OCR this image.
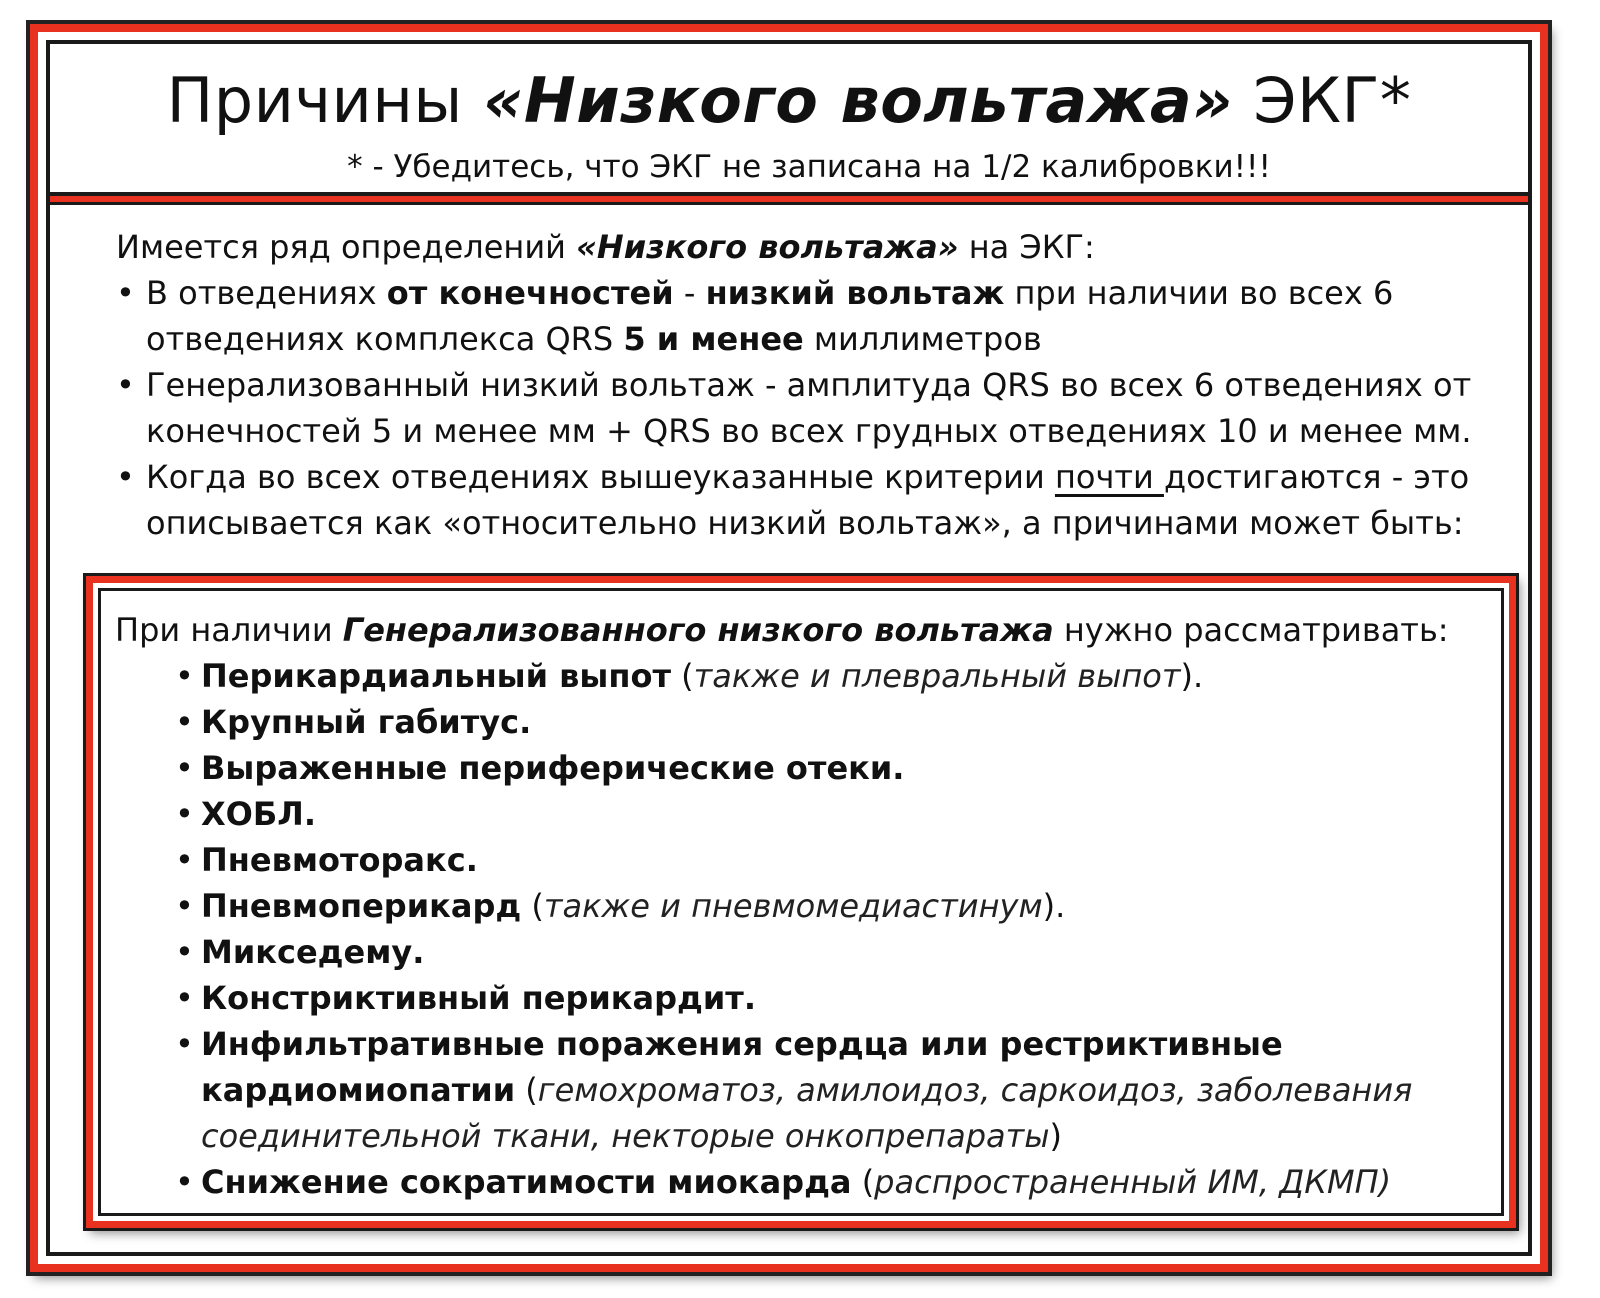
Причины «Низкого вольтажа» ЭКГ*
* - Убедитесь, что ЭКГ не записана на 1/2 калибровки!!!

Имеется ряд определений «Низкого вольтажа» на ЭКГ:

• В отведениях от конечностей - низкий вольтаж при наличии во всех 6 отведениях комплекса QRS 5 и менее миллиметров

• Генерализованный низкий вольтаж - амплитуда QRS во всех 6 отведениях от конечностей 5 и менее мм + QRS во всех грудных отведениях 10 и менее мм.

• Когда во всех отведениях вышеуказанные критерии почти достигаются - это описывается как «относительно низкий вольтаж», а причинами может быть:

При наличии Генерализованного низкого вольтажа нужно рассматривать:

• Перикардиальный выпот (также и плевральный выпот).
• Крупный габитус.
• Выраженные периферические отеки.
• ХОБЛ.
• Пневмоторакс.
• Пневмоперикард (также и пневмомедиастинум).
• Микседему.
• Констриктивный перикардит.
• Инфильтративные поражения сердца или рестриктивные кардиомиопатии (гемохроматоз, амилоидоз, саркоидоз, заболевания соединительной ткани, некторые онкопрепараты)
• Снижение сократимости миокарда (распространенный ИМ, ДКМП)
